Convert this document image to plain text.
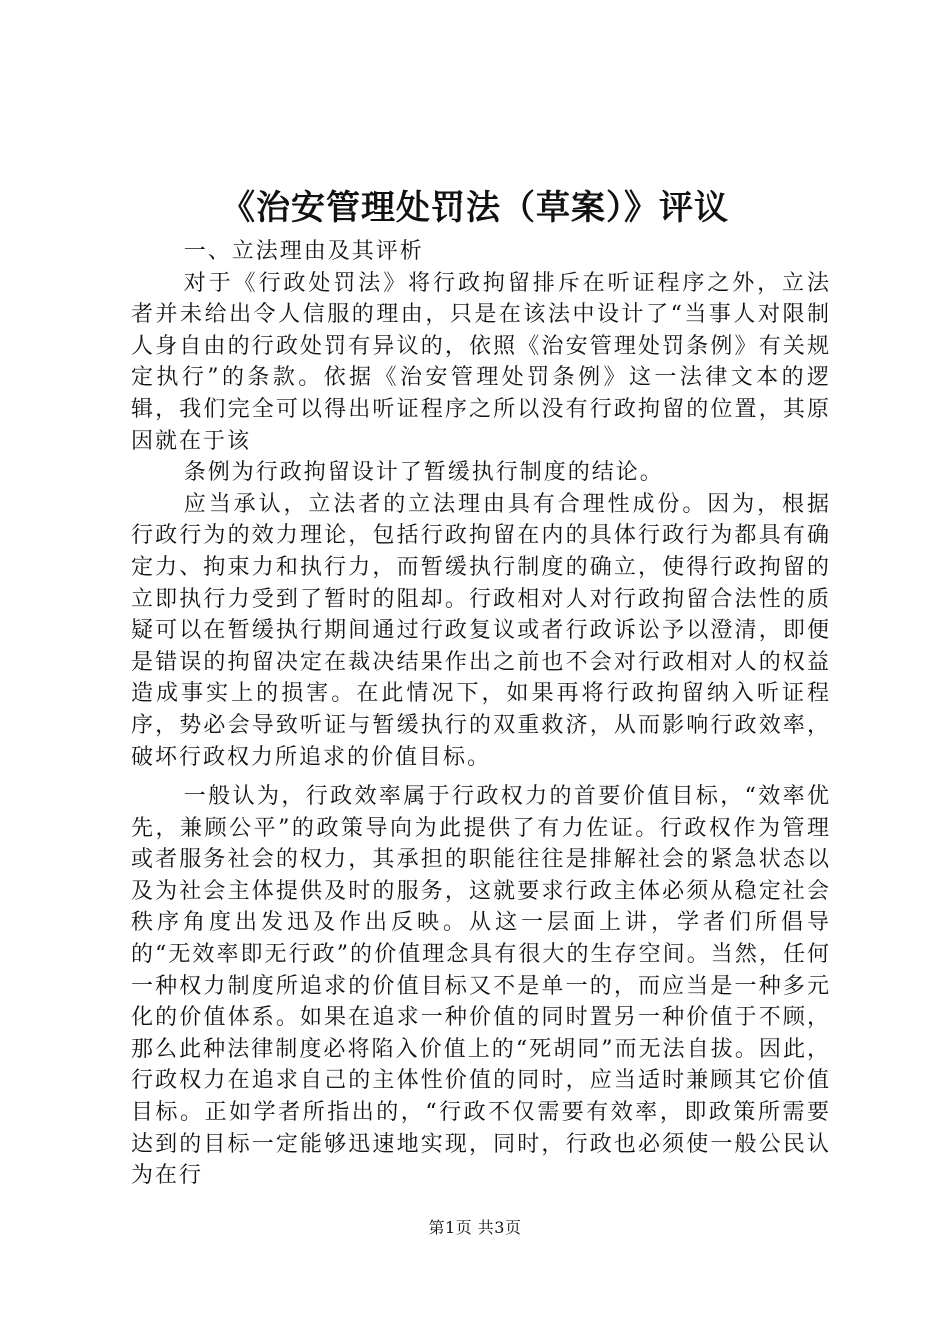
《治安管理处罚法（草案）》评议

一、立法理由及其评析

对于《行政处罚法》将行政拘留排斥在听证程序之外，立法者并未给出令人信服的理由，只是在该法中设计了“当事人对限制人身自由的行政处罚有异议的，依照《治安管理处罚条例》有关规定执行”的条款。依据《治安管理处罚条例》这一法律文本的逻辑，我们完全可以得出听证程序之所以没有行政拘留的位置，其原因就在于该

条例为行政拘留设计了暂缓执行制度的结论。

应当承认，立法者的立法理由具有合理性成份。因为，根据行政行为的效力理论，包括行政拘留在内的具体行政行为都具有确定力、拘束力和执行力，而暂缓执行制度的确立，使得行政拘留的立即执行力受到了暂时的阻却。行政相对人对行政拘留合法性的质疑可以在暂缓执行期间通过行政复议或者行政诉讼予以澄清，即便是错误的拘留决定在裁决结果作出之前也不会对行政相对人的权益造成事实上的损害。在此情况下，如果再将行政拘留纳入听证程序，势必会导致听证与暂缓执行的双重救济，从而影响行政效率，破坏行政权力所追求的价值目标。

一般认为，行政效率属于行政权力的首要价值目标，“效率优先，兼顾公平”的政策导向为此提供了有力佐证。行政权作为管理或者服务社会的权力，其承担的职能往往是排解社会的紧急状态以及为社会主体提供及时的服务，这就要求行政主体必须从稳定社会秩序角度出发迅及作出反映。从这一层面上讲，学者们所倡导的“无效率即无行政”的价值理念具有很大的生存空间。当然，任何一种权力制度所追求的价值目标又不是单一的，而应当是一种多元化的价值体系。如果在追求一种价值的同时置另一种价值于不顾，那么此种法律制度必将陷入价值上的“死胡同”而无法自拔。因此，行政权力在追求自己的主体性价值的同时，应当适时兼顾其它价值目标。正如学者所指出的，“行政不仅需要有效率，即政策所需要达到的目标一定能够迅速地实现，同时，行政也必须使一般公民认为在行

第1页 共3页
